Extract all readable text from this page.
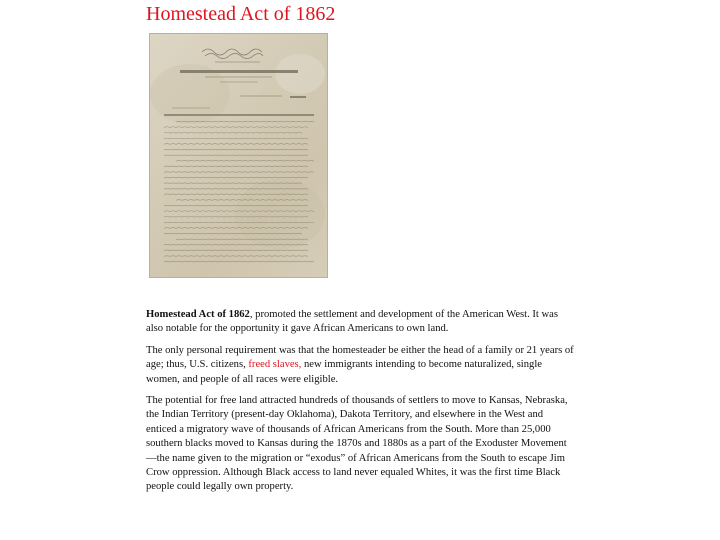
Homestead Act of 1862

Homestead Act of 1862, promoted the settlement and development of the American West. It was also notable for the opportunity it gave African Americans to own land.

The only personal requirement was that the homesteader be either the head of a family or 21 years of age; thus, U.S. citizens, freed slaves, new immigrants intending to become naturalized, single women, and people of all races were eligible.

The potential for free land attracted hundreds of thousands of settlers to move to Kansas, Nebraska, the Indian Territory (present-day Oklahoma), Dakota Territory, and elsewhere in the West and enticed a migratory wave of thousands of African Americans from the South. More than 25,000 southern blacks moved to Kansas during the 1870s and 1880s as a part of the Exoduster Movement—the name given to the migration or “exodus” of African Americans from the South to escape Jim Crow oppression. Although Black access to land never equaled Whites, it was the first time Black people could legally own property.
